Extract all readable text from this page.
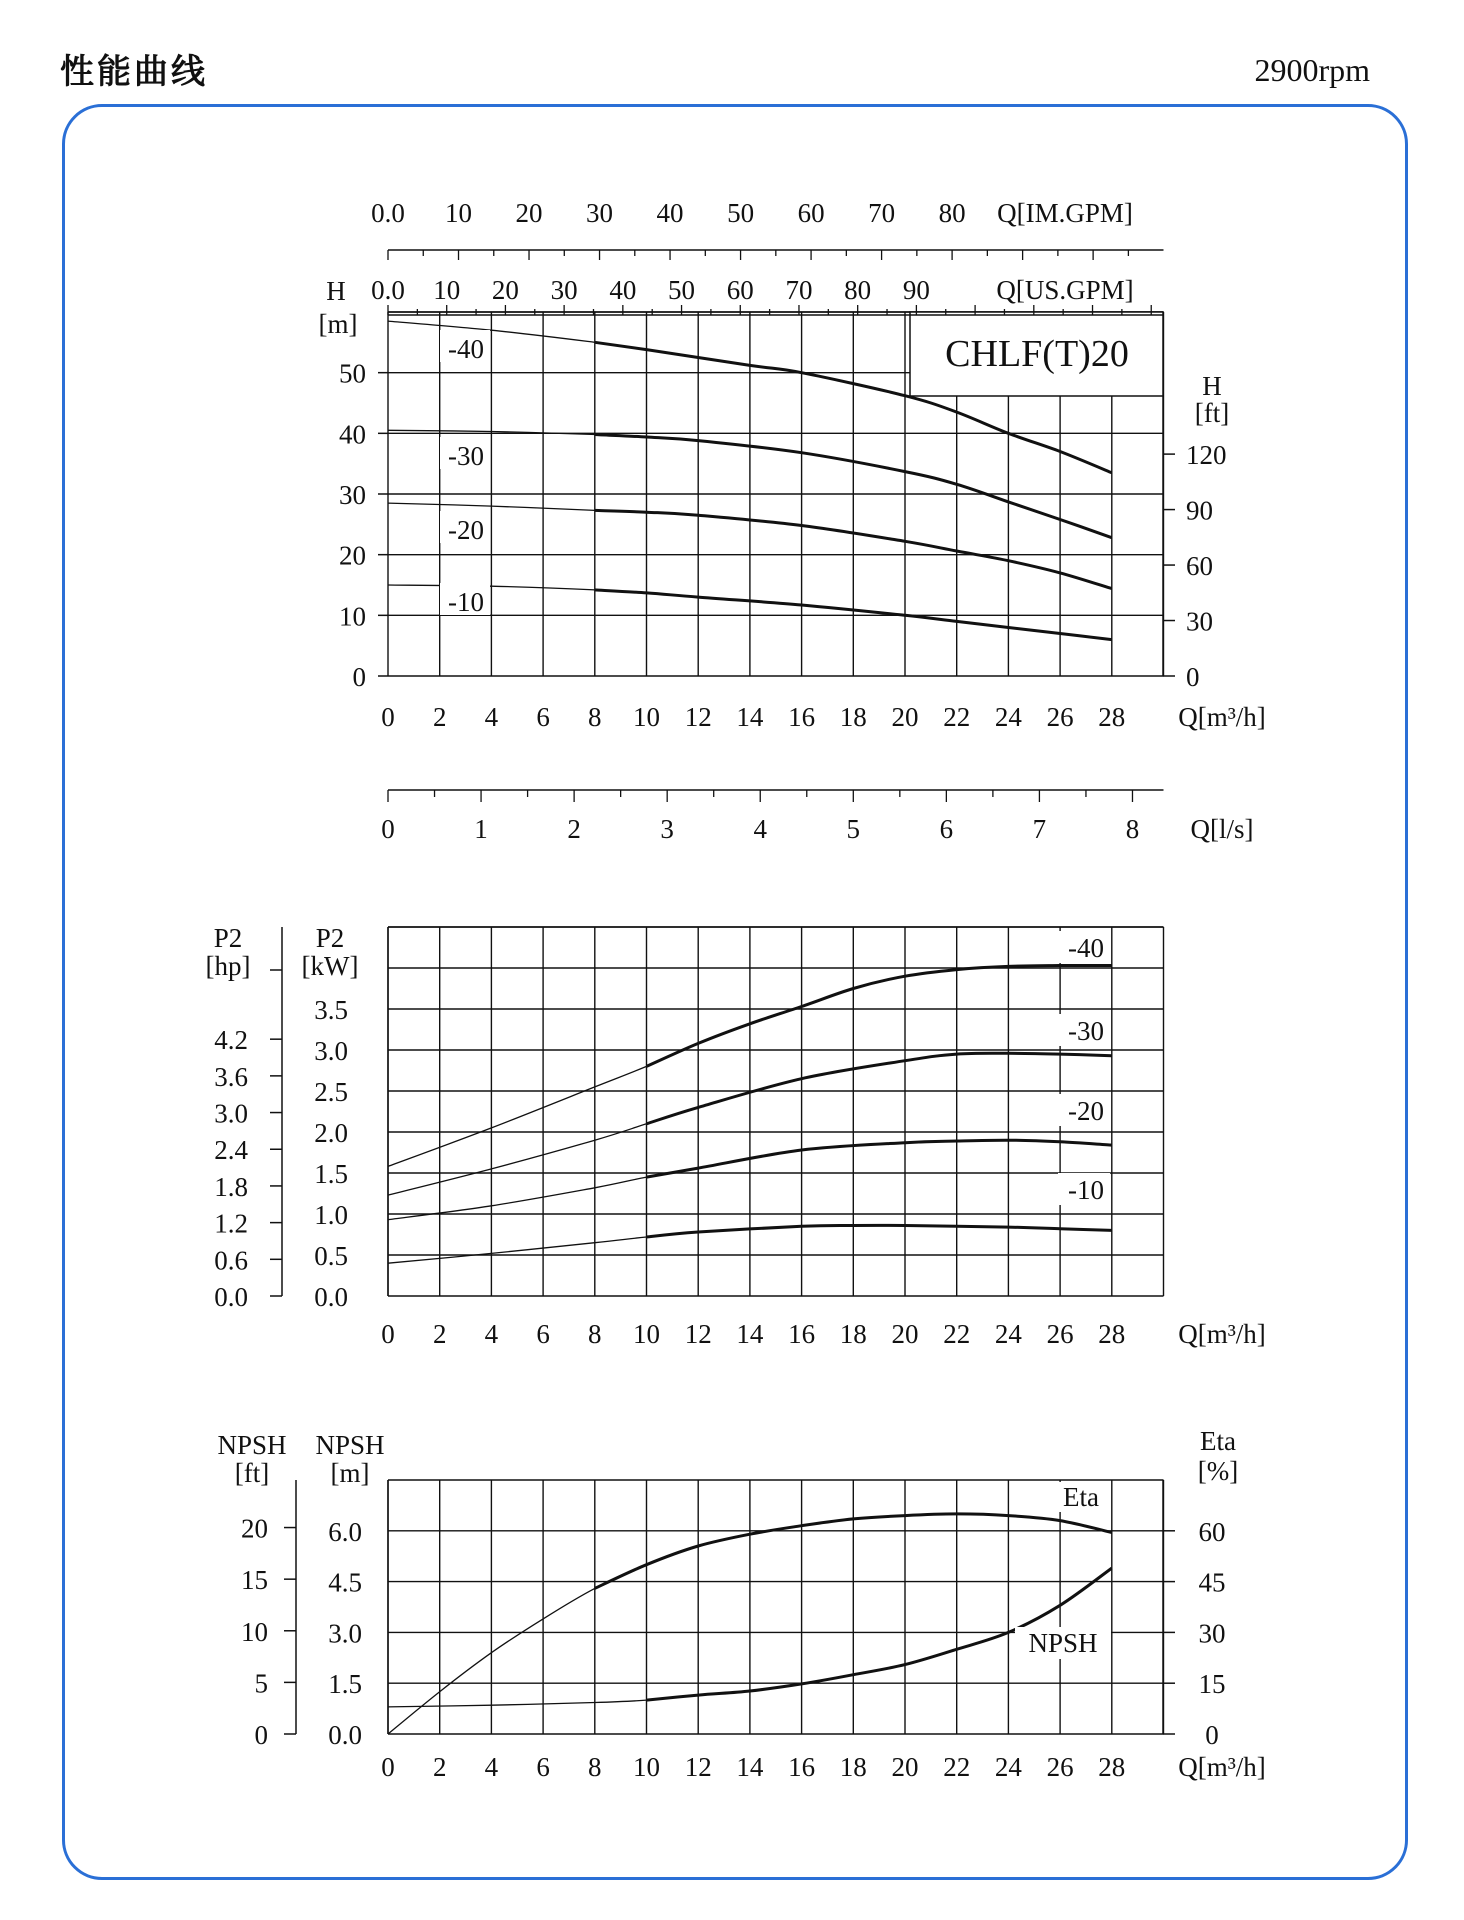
性能曲线	2900rpm
0
10
20
30
40
50
H
[m]
0 2 4 6 8 10 12 14 16 18 20 22 24 26 28 Q[m³/h]
0
30
60
90
120
H
[ft]
CHLF(T)20
-40
-30
-20
-10
0.0 10 20 30 40 50 60 70 80 Q[IM.GPM]
0.0 10 20 30 40 50 60 70 80 90 Q[US.GPM]
0	1	2	3	4	5	6	7	8 Q[l/s]
0.0
0.5
1.0
1.5
2.0
2.5
3.0
3.5
0.0
0.6
1.2
1.8
2.4
3.0
3.6
4.2
P2
[hp]
P2
[kW]
0 2 4 6 8 10 12 14 16 18 20 22 24 26 28 Q[m³/h]
-40
-30
-20
-10
0.0
1.5
3.0
4.5
6.0
0
5
10
15
20
NPSH
[ft]
NPSH
[m]
0
15
30
45
60
Eta
[%]
0 2 4 6 8 10 12 14 16 18 20 22 24 26 28 Q[m³/h]
Eta
NPSH
